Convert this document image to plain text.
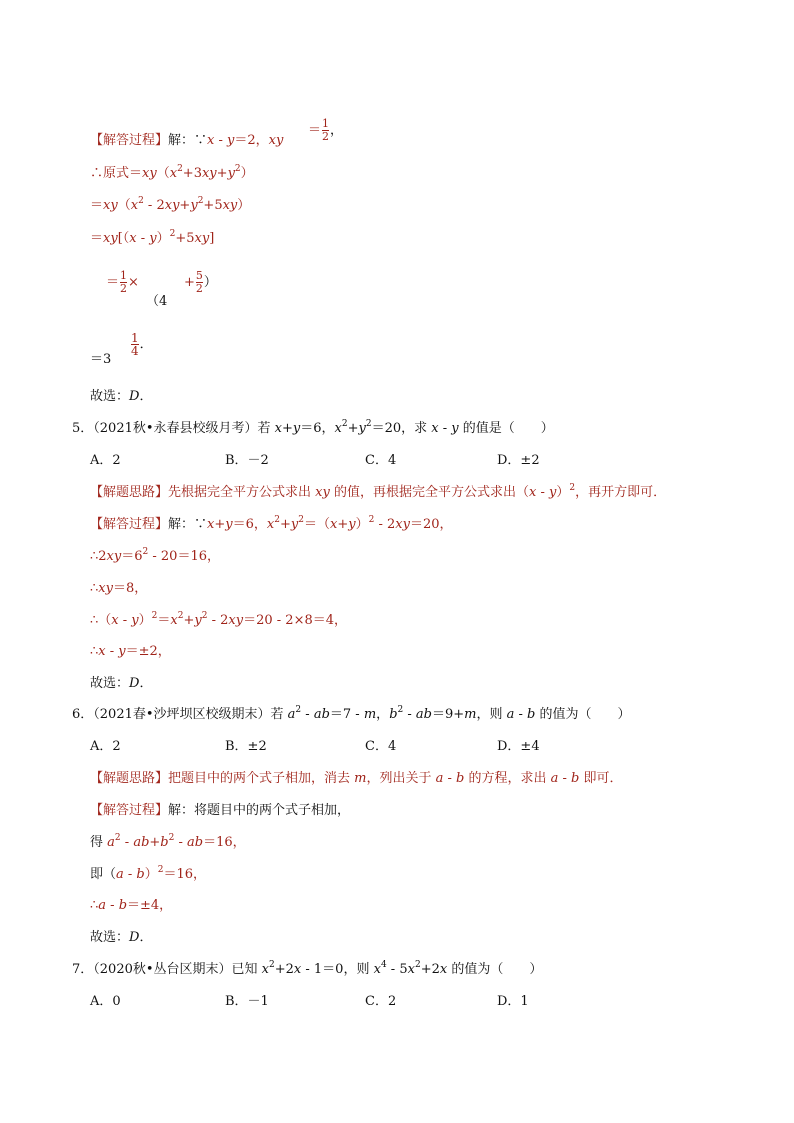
【解答过程】解：∵x - y＝2，xy
＝ $\frac{1}{2}$ ，
∴原式$=xy(x^2+3xy+y^2)$
$=xy(x^2 - 2xy+y^2+5xy)$
＝xy[（x - y）$^2$+5xy]
＝ $\frac{1}{2}$ ×
（4
+ $\frac{5}{2}$ ）
＝3
$\frac{1}{4}$ ．
故选：D．
5．（2021秋•永春县校级月考）若 x+y＝6，$x^2+y^2=20$，求 x - y 的值是（　　）
A．2	B．－2	C．4	D．±2
【解题思路】先根据完全平方公式求出 xy 的值，再根据完全平方公式求出（x - y）$^2$，再开方即可．
【解答过程】解：∵x+y＝6，$x^2+y^2=(x+y)^2 - 2xy=20$，
$\therefore 2xy=6^2 - 20=16$，
∴xy＝8，
∴（x - $y)^2=x^2+y^2 - 2xy=20 - 2\times 8=4$，
∴x - y＝±2，
故选：D．
6．（2021春•沙坪坝区校级期末）若 $a^2 - ab=7 - m$，$b^2 - ab=9+m$，则 a - b 的值为（　　）
A．2	B．±2	C．4	D．±4
【解题思路】把题目中的两个式子相加，消去 m，列出关于 a - b 的方程，求出 a - b 即可．
【解答过程】解：将题目中的两个式子相加，
得 $a^2 - ab+b^2 - ab=16$，
即（a - b）$^2$＝16，
∴a - b＝±4，
故选：D．
7．（2020秋•丛台区期末）已知 $x^2+2x - 1=0$，则 $x^4 - 5x^2+2x$ 的值为（　　）
A．0	B．－1	C．2	D．1
